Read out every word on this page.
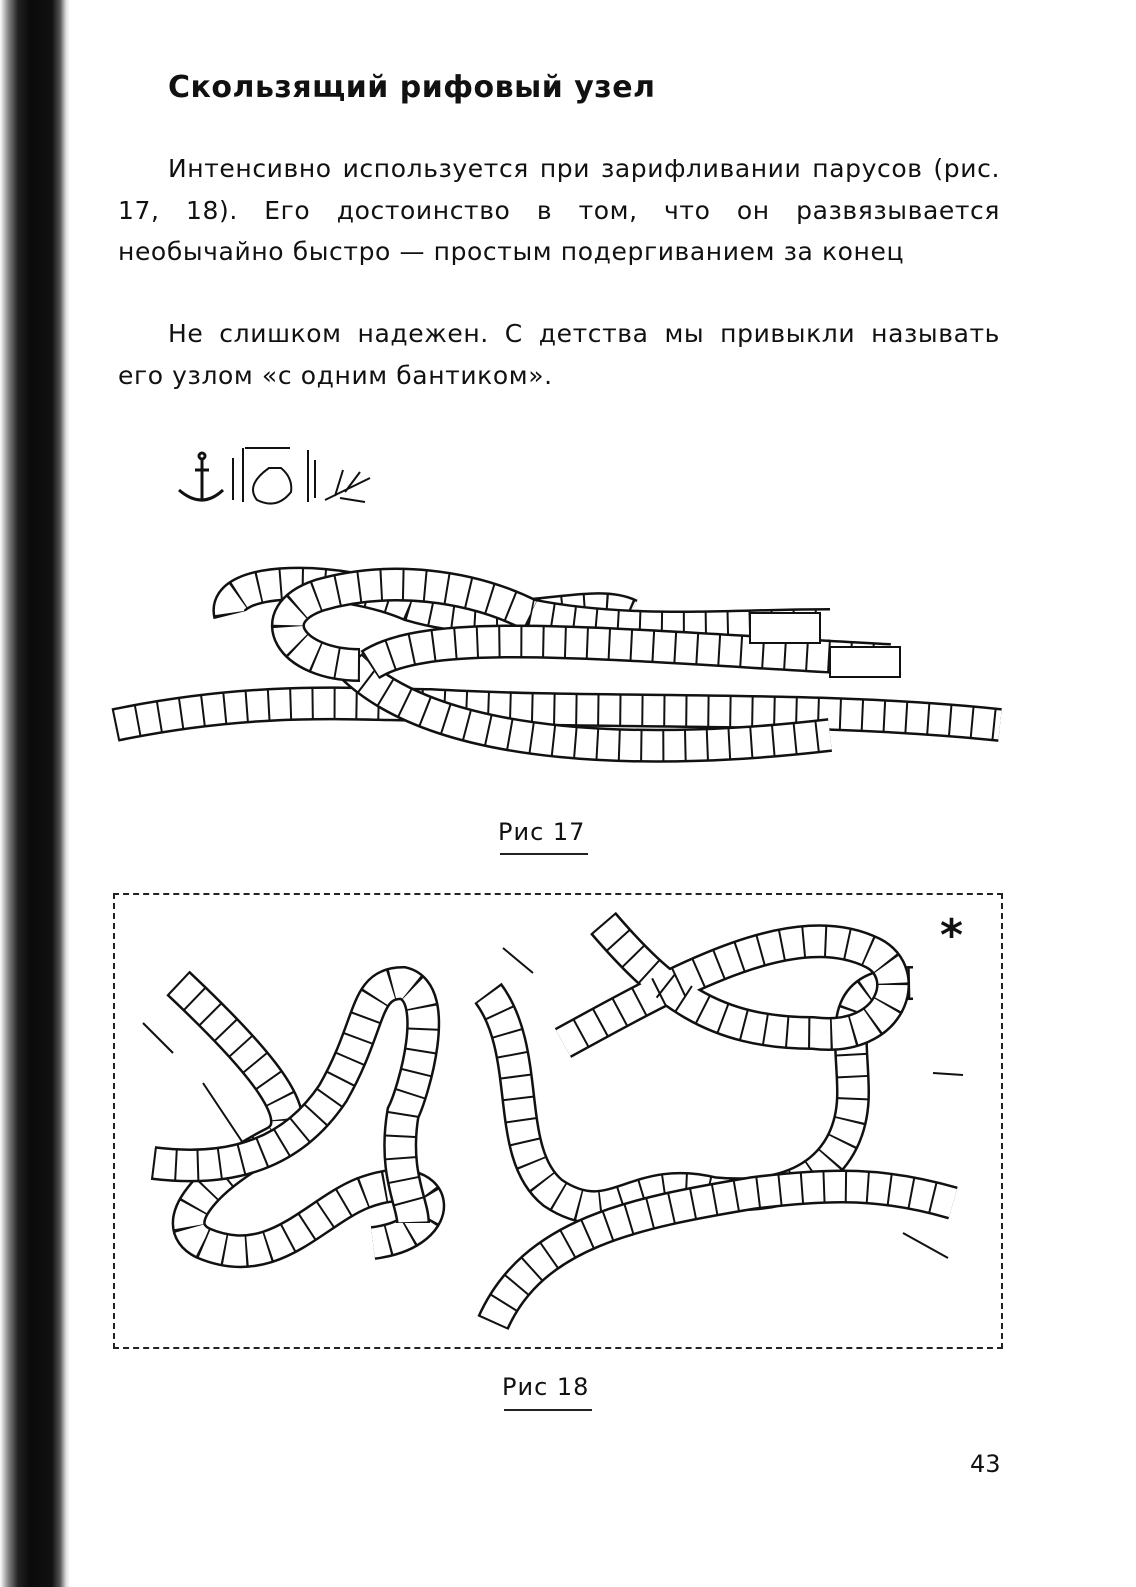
Скользящий рифовый узел

Интенсивно используется при зарифливании парусов (рис. 17, 18). Его достоинство в том, что он развязывается необычайно быстро — простым подергиванием за конец

Не слишком надежен. С детства мы привыкли называть его узлом «с одним бантиком».

Рис 17
*
Рис 18
43
